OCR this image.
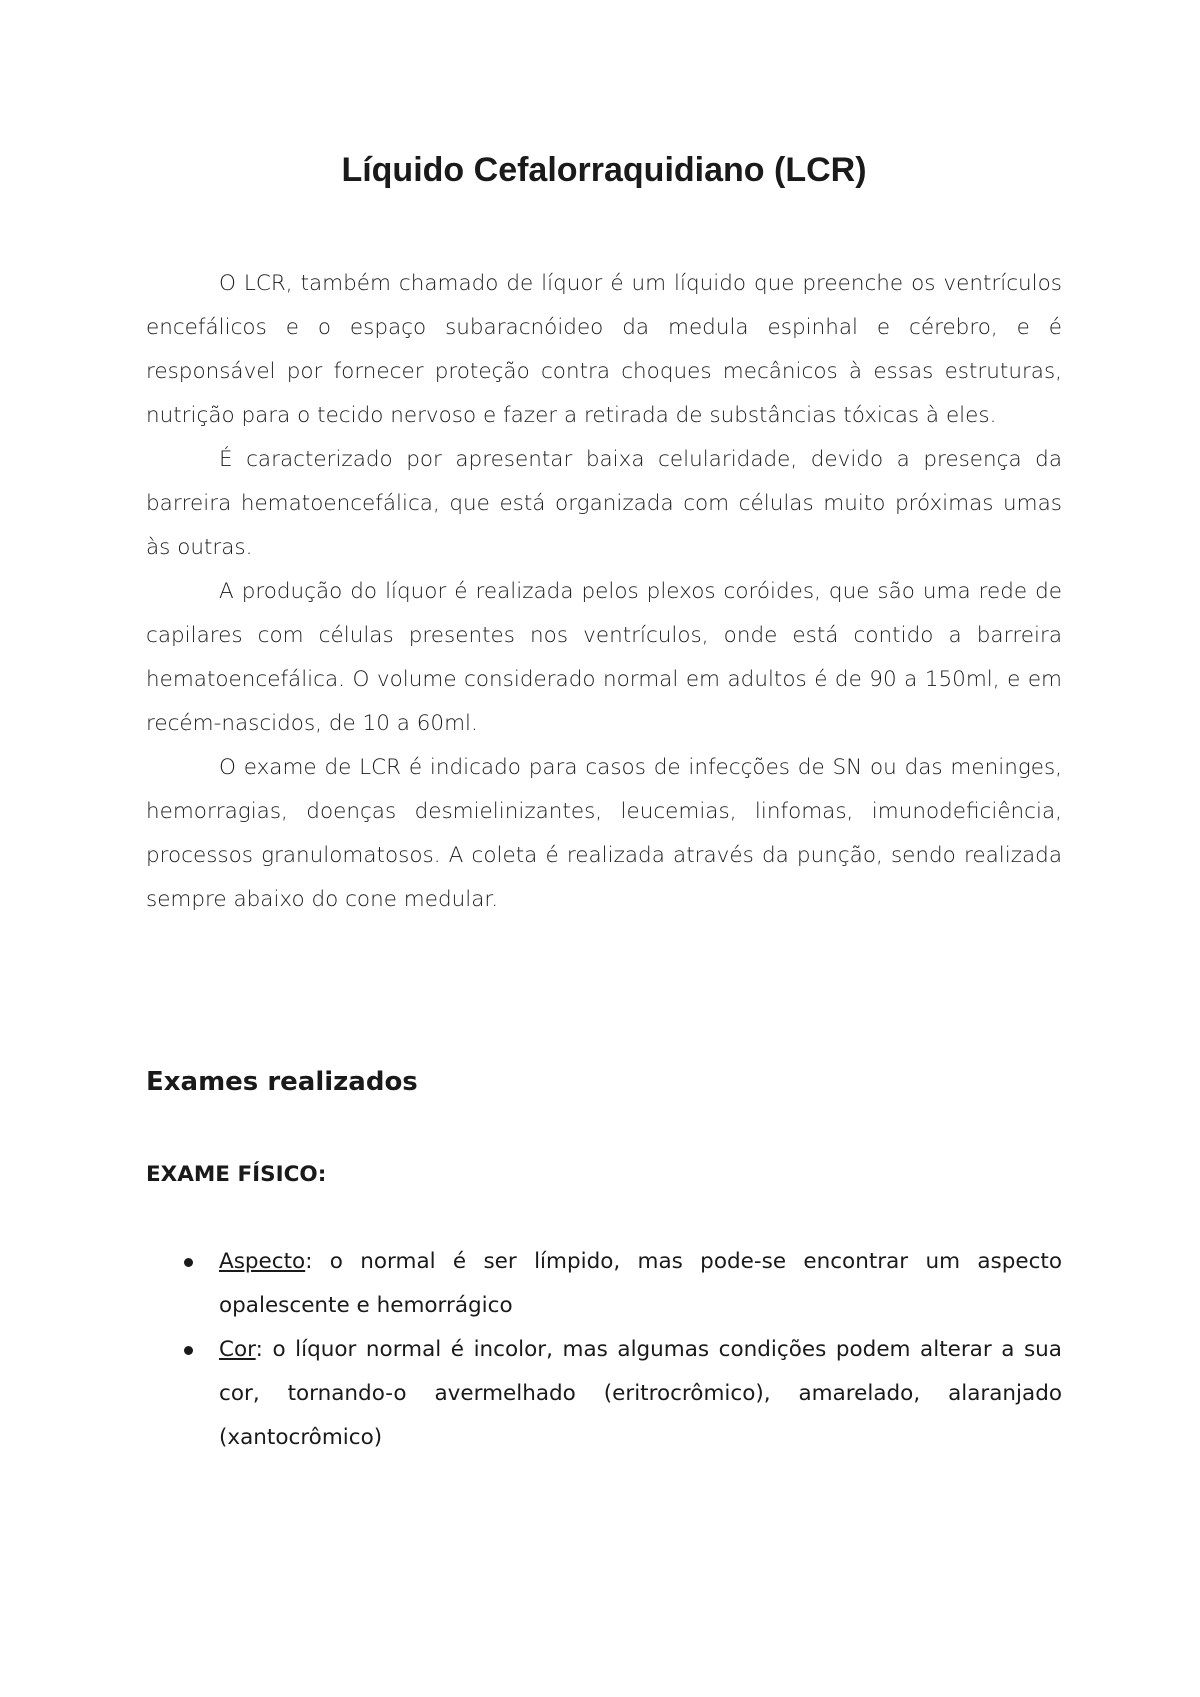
Líquido Cefalorraquidiano (LCR)

O LCR, também chamado de líquor é um líquido que preenche os ventrículos encefálicos e o espaço subaracnóideo da medula espinhal e cérebro, e é responsável por fornecer proteção contra choques mecânicos à essas estruturas, nutrição para o tecido nervoso e fazer a retirada de substâncias tóxicas à eles.

É caracterizado por apresentar baixa celularidade, devido a presença da barreira hematoencefálica, que está organizada com células muito próximas umas às outras.

A produção do líquor é realizada pelos plexos coróides, que são uma rede de capilares com células presentes nos ventrículos, onde está contido a barreira hematoencefálica. O volume considerado normal em adultos é de 90 a 150ml, e em recém-nascidos, de 10 a 60ml.

O exame de LCR é indicado para casos de infecções de SN ou das meninges, hemorragias, doenças desmielinizantes, leucemias, linfomas, imunodeficiência, processos granulomatosos. A coleta é realizada através da punção, sendo realizada sempre abaixo do cone medular.

Exames realizados
EXAME FÍSICO:
Aspecto: o normal é ser límpido, mas pode-se encontrar um aspecto opalescente e hemorrágico
Cor: o líquor normal é incolor, mas algumas condições podem alterar a sua cor, tornando-o avermelhado (eritrocrômico), amarelado, alaranjado (xantocrômico)
